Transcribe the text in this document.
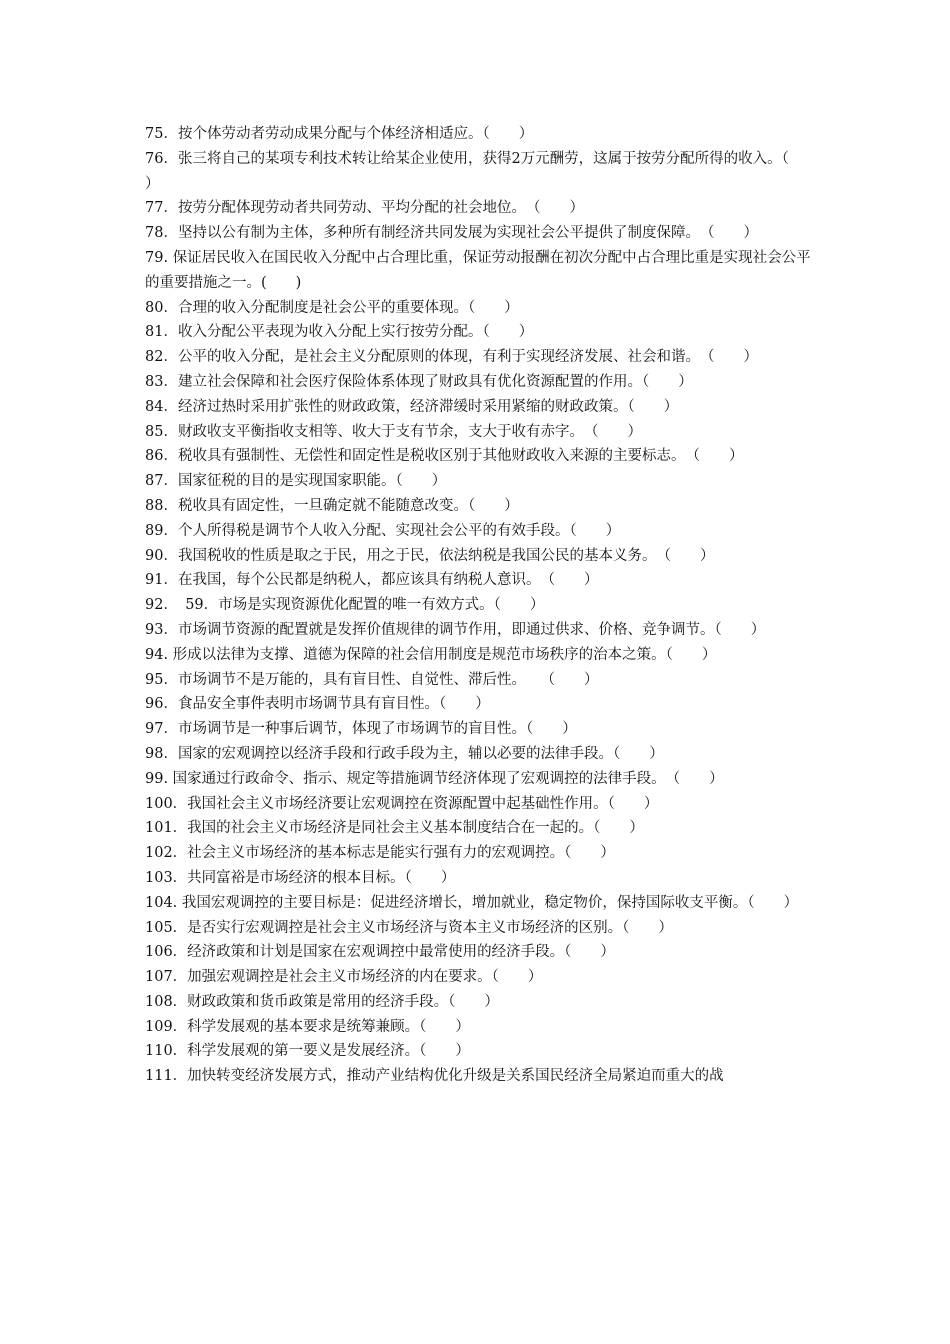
75．按个体劳动者劳动成果分配与个体经济相适应。（　　）

76．张三将自己的某项专利技术转让给某企业使用，获得2万元酬劳，这属于按劳分配所得的收入。（　　）

77．按劳分配体现劳动者共同劳动、平均分配的社会地位。　（　　）

78．坚持以公有制为主体，多种所有制经济共同发展为实现社会公平提供了制度保障。　（　　）

79. 保证居民收入在国民收入分配中占合理比重，保证劳动报酬在初次分配中占合理比重是实现社会公平的重要措施之一。(　　)

80．合理的收入分配制度是社会公平的重要体现。（　　）

81．收入分配公平表现为收入分配上实行按劳分配。（　　）

82．公平的收入分配，是社会主义分配原则的体现，有利于实现经济发展、社会和谐。　（　　）

83．建立社会保障和社会医疗保险体系体现了财政具有优化资源配置的作用。（　　）

84．经济过热时采用扩张性的财政政策，经济滞缓时采用紧缩的财政政策。（　　）

85．财政收支平衡指收支相等、收大于支有节余，支大于收有赤字。　（　　）

86．税收具有强制性、无偿性和固定性是税收区别于其他财政收入来源的主要标志。　（　　）

87．国家征税的目的是实现国家职能。（　　）

88．税收具有固定性，一旦确定就不能随意改变。（　　）

89．个人所得税是调节个人收入分配、实现社会公平的有效手段。（　　）

90．我国税收的性质是取之于民，用之于民，依法纳税是我国公民的基本义务。　（　　）

91．在我国，每个公民都是纳税人，都应该具有纳税人意识。　（　　）

92．　59．市场是实现资源优化配置的唯一有效方式。（　　）

93．市场调节资源的配置就是发挥价值规律的调节作用，即通过供求、价格、竞争调节。（　　）

94. 形成以法律为支撑、道德为保障的社会信用制度是规范市场秩序的治本之策。（　　）

95．市场调节不是万能的，具有盲目性、自觉性、滞后性。　　（　　）

96．食品安全事件表明市场调节具有盲目性。（　　）

97．市场调节是一种事后调节，体现了市场调节的盲目性。（　　）

98．国家的宏观调控以经济手段和行政手段为主，辅以必要的法律手段。（　　）

99. 国家通过行政命令、指示、规定等措施调节经济体现了宏观调控的法律手段。　（　　）

100．我国社会主义市场经济要让宏观调控在资源配置中起基础性作用。（　　）

101．我国的社会主义市场经济是同社会主义基本制度结合在一起的。（　　）

102．社会主义市场经济的基本标志是能实行强有力的宏观调控。（　　）

103．共同富裕是市场经济的根本目标。（　　）

104. 我国宏观调控的主要目标是：促进经济增长，增加就业，稳定物价，保持国际收支平衡。（　　）

105．是否实行宏观调控是社会主义市场经济与资本主义市场经济的区别。（　　）

106．经济政策和计划是国家在宏观调控中最常使用的经济手段。（　　）

107．加强宏观调控是社会主义市场经济的内在要求。（　　）

108．财政政策和货币政策是常用的经济手段。（　　）

109．科学发展观的基本要求是统筹兼顾。（　　）

110．科学发展观的第一要义是发展经济。（　　）

111．加快转变经济发展方式，推动产业结构优化升级是关系国民经济全局紧迫而重大的战
